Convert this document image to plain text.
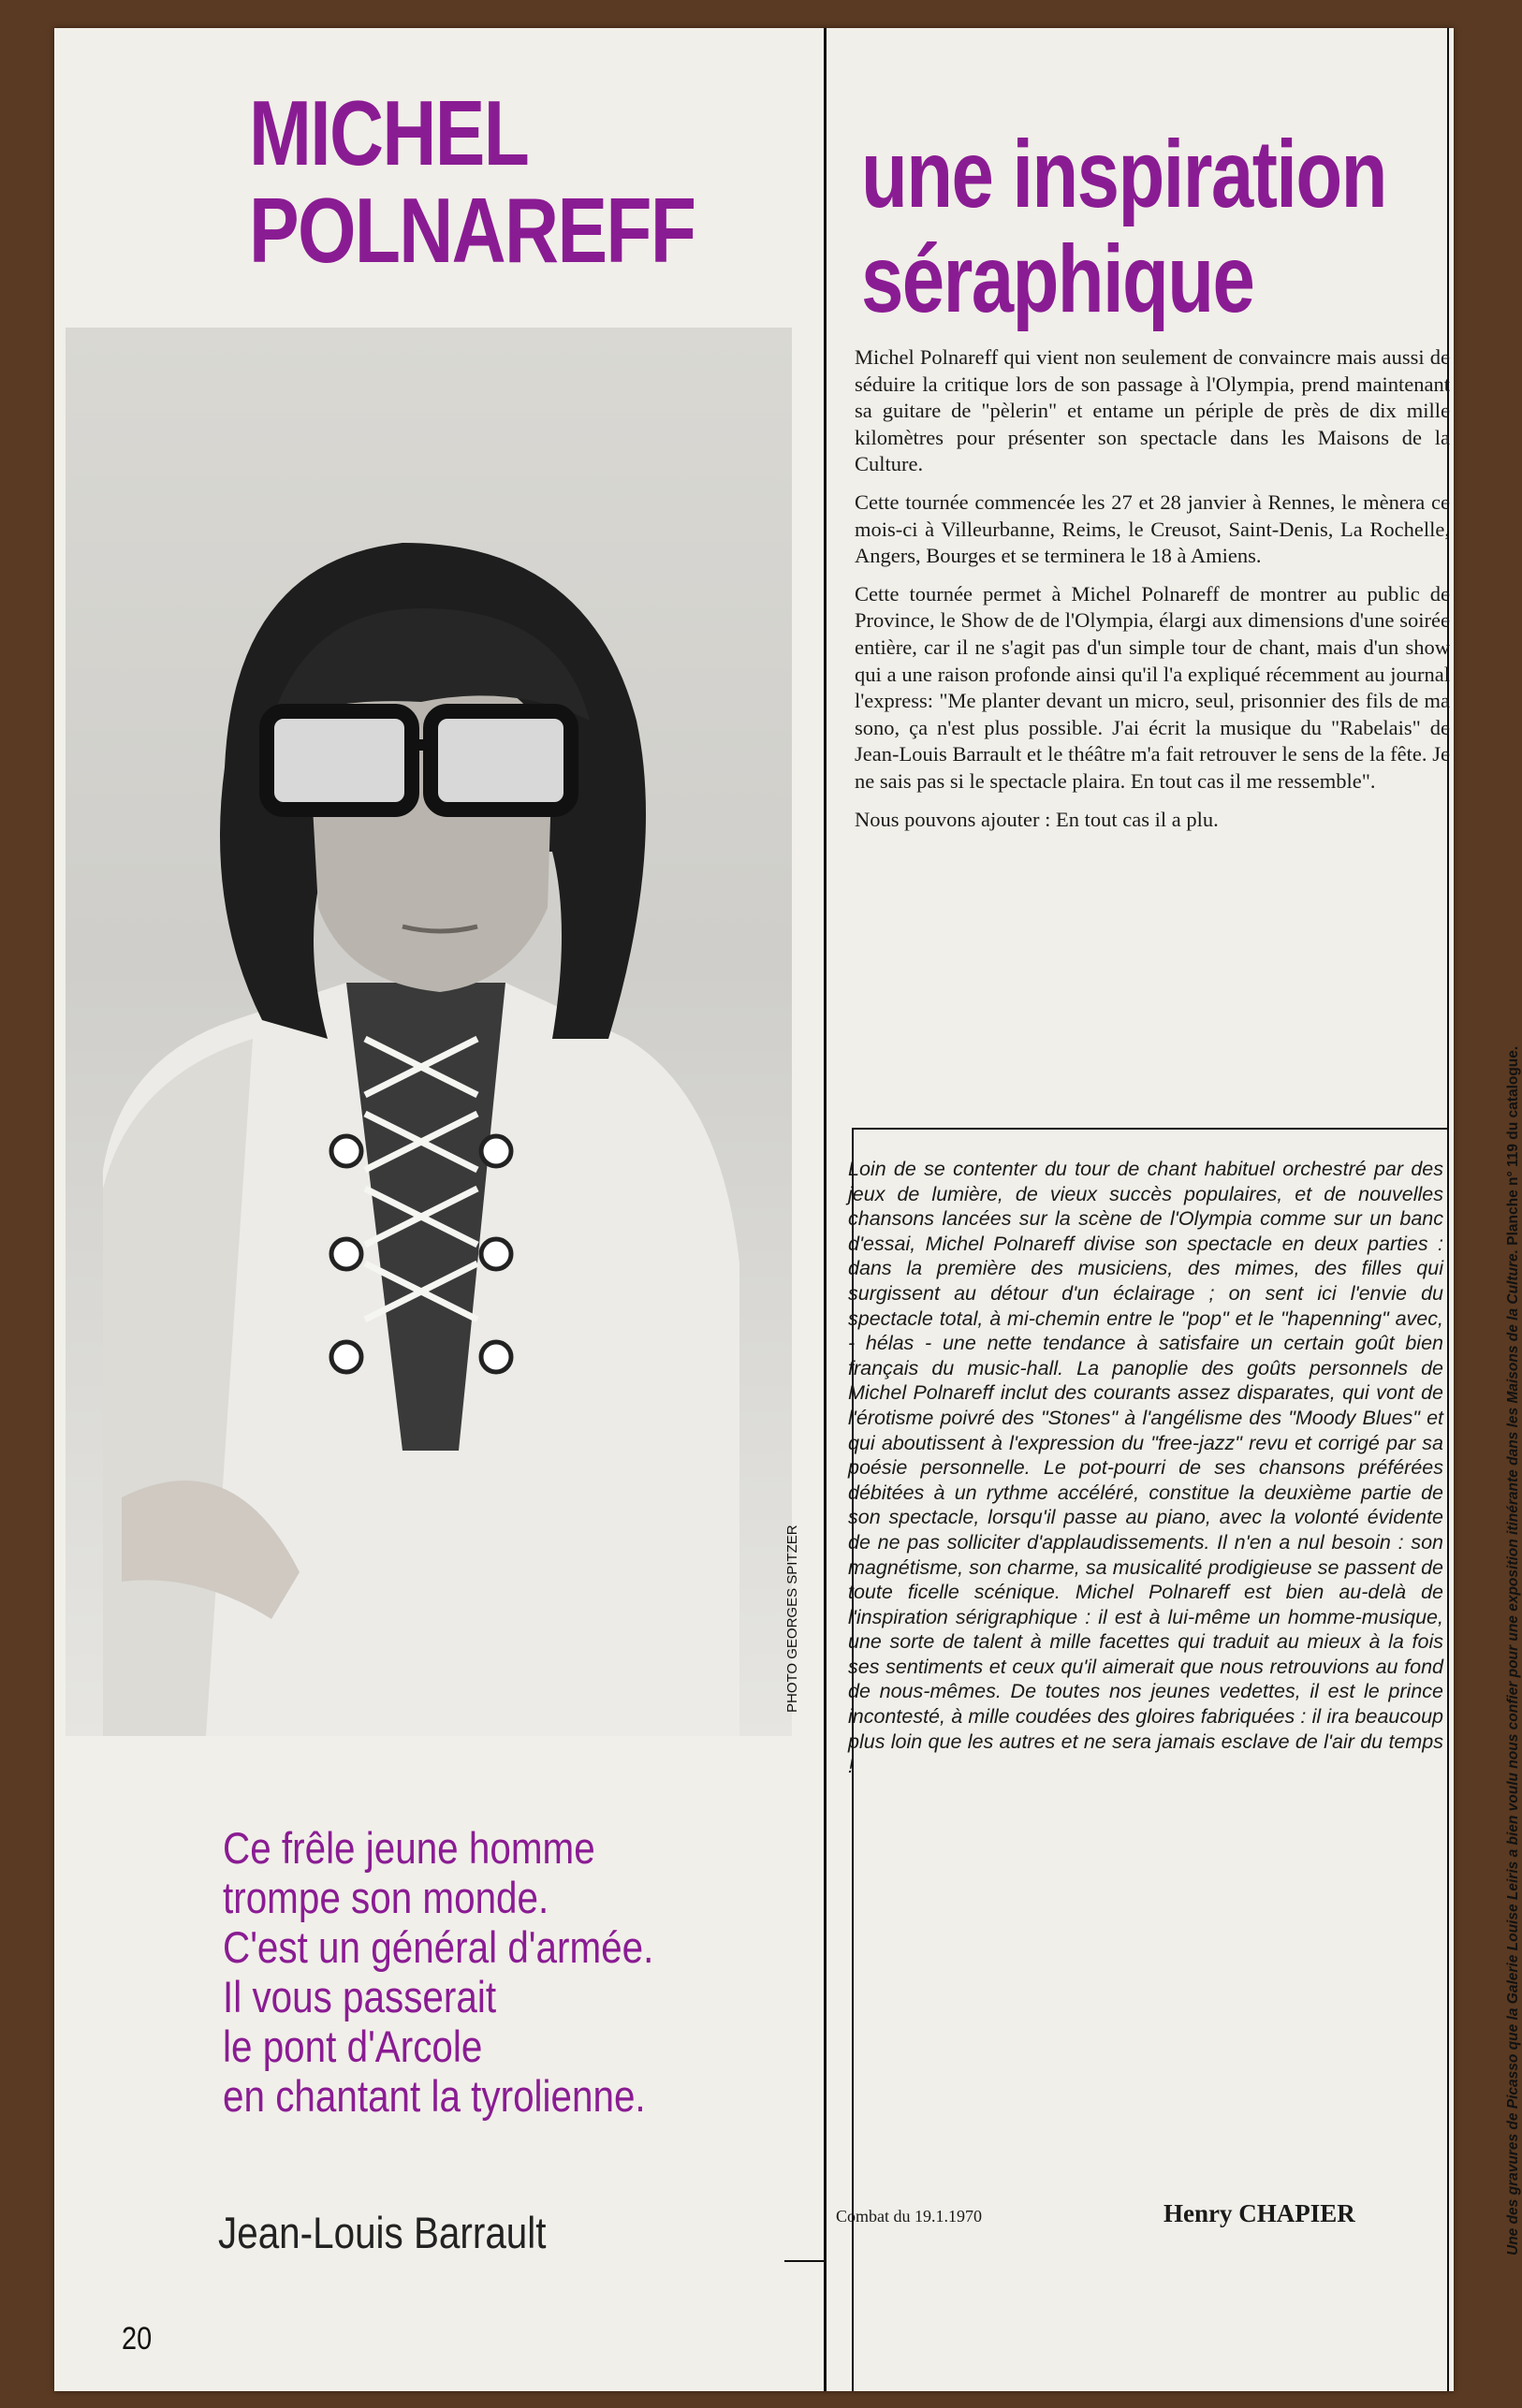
MICHEL
POLNAREFF
une inspiration
séraphique
PHOTO GEORGES SPITZER
Ce frêle jeune homme
trompe son monde.
C'est un général d'armée.
Il vous passerait
le pont d'Arcole
en chantant la tyrolienne.
Jean-Louis Barrault
20

Michel Polnareff qui vient non seulement de convaincre mais aussi de séduire la critique lors de son passage à l'Olympia, prend maintenant sa guitare de "pèlerin" et entame un périple de près de dix mille kilomètres pour présenter son spectacle dans les Maisons de la Culture.

Cette tournée commencée les 27 et 28 janvier à Rennes, le mènera ce mois-ci à Villeurbanne, Reims, le Creusot, Saint-Denis, La Rochelle, Angers, Bourges et se terminera le 18 à Amiens.

Cette tournée permet à Michel Polnareff de montrer au public de Province, le Show de de l'Olympia, élargi aux dimensions d'une soirée entière, car il ne s'agit pas d'un simple tour de chant, mais d'un show qui a une raison profonde ainsi qu'il l'a expliqué récemment au journal l'express: "Me planter devant un micro, seul, prisonnier des fils de ma sono, ça n'est plus possible. J'ai écrit la musique du "Rabelais" de Jean-Louis Barrault et le théâtre m'a fait retrouver le sens de la fête. Je ne sais pas si le spectacle plaira. En tout cas il me ressemble".

Nous pouvons ajouter : En tout cas il a plu.

Loin de se contenter du tour de chant habituel orchestré par des jeux de lumière, de vieux succès populaires, et de nouvelles chansons lancées sur la scène de l'Olympia comme sur un banc d'essai, Michel Polnareff divise son spectacle en deux parties : dans la première des musiciens, des mimes, des filles qui surgissent au détour d'un éclairage ; on sent ici l'envie du spectacle total, à mi-chemin entre le "pop" et le "hapenning" avec, - hélas - une nette tendance à satisfaire un certain goût bien français du music-hall. La panoplie des goûts personnels de Michel Polnareff inclut des courants assez disparates, qui vont de l'érotisme poivré des "Stones" à l'angélisme des "Moody Blues" et qui aboutissent à l'expression du "free-jazz" revu et corrigé par sa poésie personnelle. Le pot-pourri de ses chansons préférées débitées à un rythme accéléré, constitue la deuxième partie de son spectacle, lorsqu'il passe au piano, avec la volonté évidente de ne pas solliciter d'applaudissements. Il n'en a nul besoin : son magnétisme, son charme, sa musicalité prodigieuse se passent de toute ficelle scénique. Michel Polnareff est bien au-delà de l'inspiration sérigraphique : il est à lui-même un homme-musique, une sorte de talent à mille facettes qui traduit au mieux à la fois ses sentiments et ceux qu'il aimerait que nous retrouvions au fond de nous-mêmes. De toutes nos jeunes vedettes, il est le prince incontesté, à mille coudées des gloires fabriquées : il ira beaucoup plus loin que les autres et ne sera jamais esclave de l'air du temps !
Combat du 19.1.1970	Henry CHAPIER	Une des gravures de Picasso que la Galerie Louise Leiris a bien voulu nous confier pour une exposition itinérante dans les Maisons de la Culture. Planche n° 119 du catalogue.
